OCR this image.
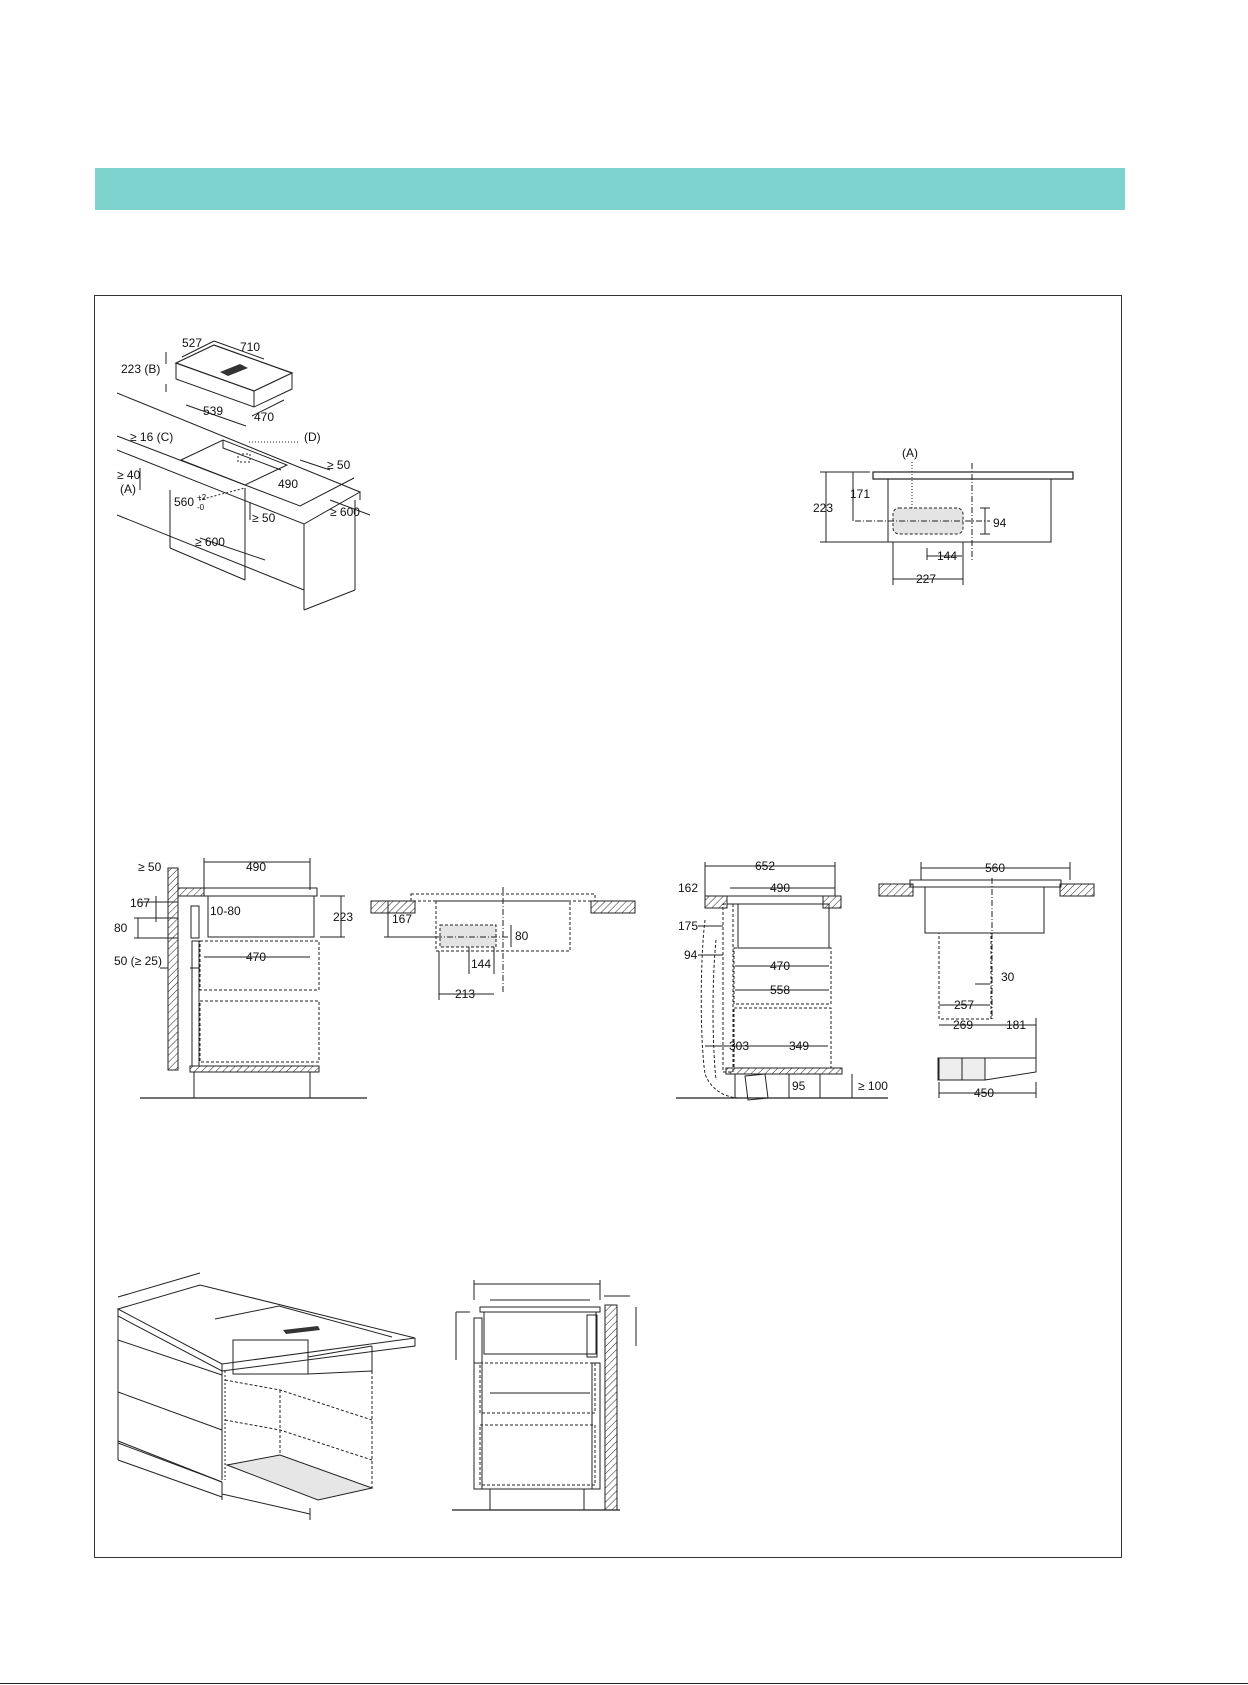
527	710
223 (B)
539	470
≥ 16 (C)	(D)
≥ 40
(A)
≥ 50
490
560 +2
-0
≥ 50	≥ 600
≥ 600
(A)
223
171
94
144
227
≥ 50	490
167
10-80	223
80
470
50 (≥ 25)
167
80
144
213
652
162	490
175
94
470
558
303	349
95	≥ 100
560
30
257
269	181
450
